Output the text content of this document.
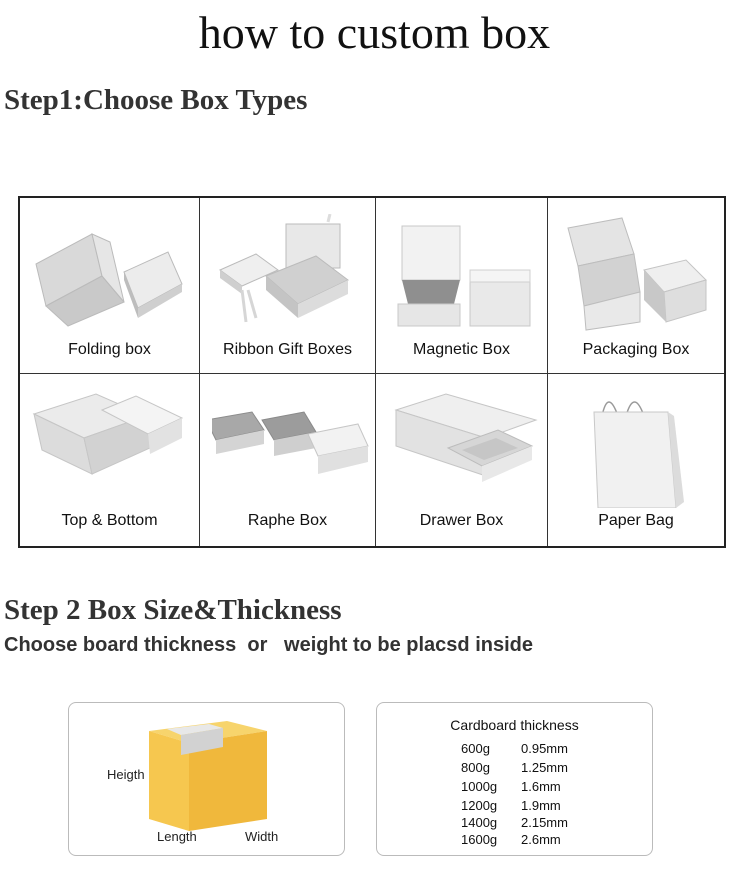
how to custom box
Step1:Choose Box Types
Folding box	Ribbon Gift Boxes	Magnetic Box	Packaging Box
Top & Bottom	Raphe Box	Drawer Box	Paper Bag
Step 2 Box Size&Thickness

Choose board thickness  or   weight to be placsd inside

Heigth
Length	Width
Cardboard thickness
600g	0.95mm
800g	1.25mm
1000g	1.6mm
1200g	1.9mm
1400g	2.15mm
1600g	2.6mm
